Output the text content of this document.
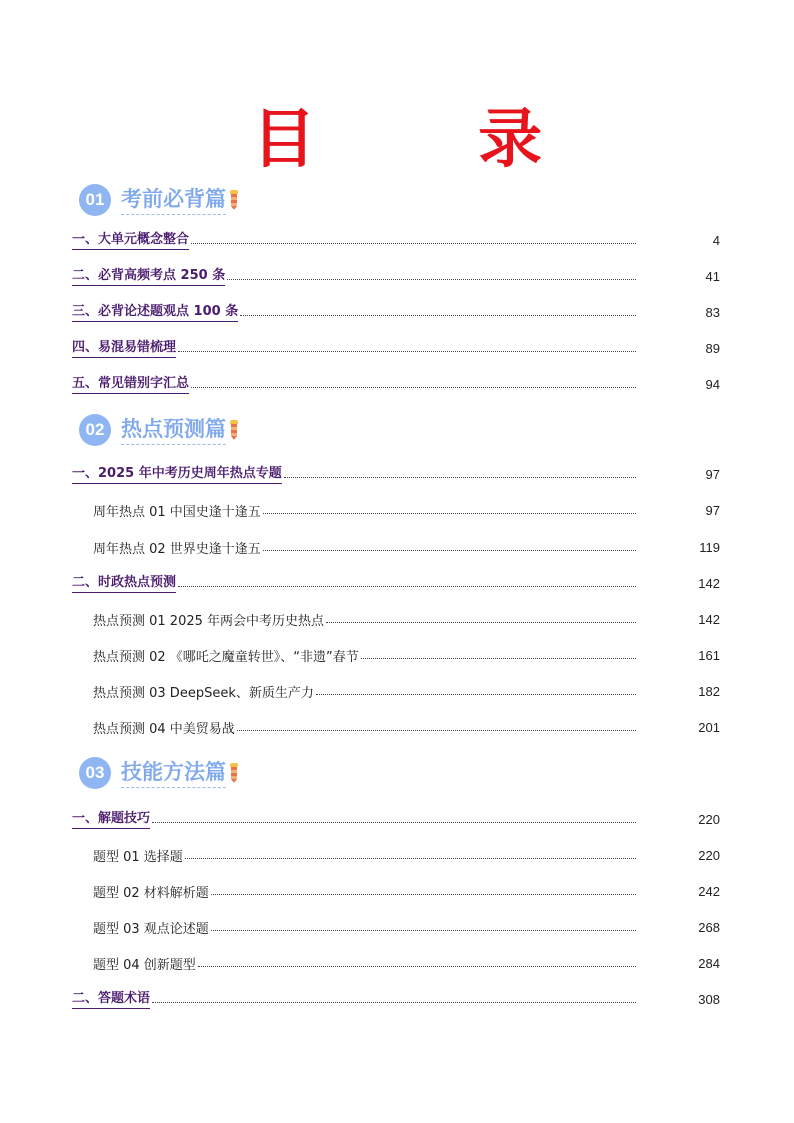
目 录
01 考前必背篇
一、大单元概念整合	4
二、必背高频考点 250 条	41
三、必背论述题观点 100 条	83
四、易混易错梳理	89
五、常见错别字汇总	94
02 热点预测篇
一、2025 年中考历史周年热点专题	97
周年热点 01 中国史逢十逢五	97
周年热点 02 世界史逢十逢五	119
二、时政热点预测	142
热点预测 01 2025 年两会中考历史热点	142
热点预测 02 《哪吒之魔童转世》、“非遗”春节	161
热点预测 03 DeepSeek、新质生产力	182
热点预测 04 中美贸易战	201
03 技能方法篇
一、解题技巧	220
题型 01 选择题	220
题型 02 材料解析题	242
题型 03 观点论述题	268
题型 04 创新题型	284
二、答题术语	308
